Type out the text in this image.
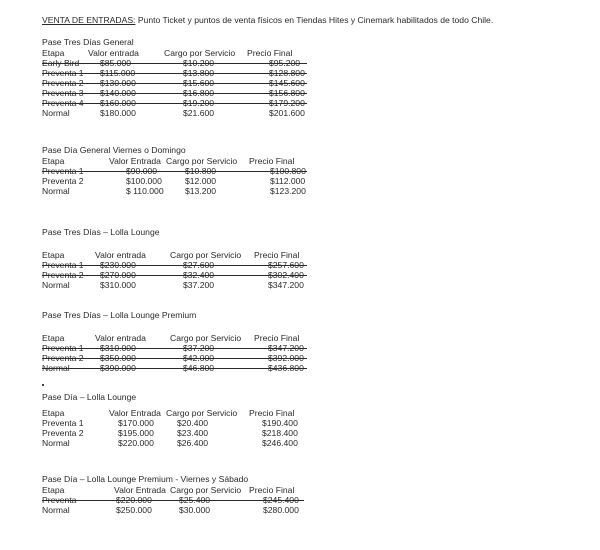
VENTA DE ENTRADAS: Punto Ticket y puntos de venta físicos en Tiendas Hites y Cinemark habilitados de todo Chile.
Pase Tres Días General
Etapa	Valor entrada	Cargo por Servicio Precio Final
Early Bird $85.000	$10.200	$95.200
Preventa 1 $115.000	$13.800	$128.800
Preventa 2 $130.000	$15.600	$145.600
Preventa 3 $140.000	$16.800	$156.800
Preventa 4 $160.000	$19.200	$179.200
Normal	$180.000	$21.600	$201.600
Pase Día General Viernes o Domingo
Etapa	Valor Entrada Cargo por Servicio Precio Final
Preventa 1	$90.000	$10.800	$100.800
Preventa 2	$100.000	$12.000	$112.000
Normal	$ 110.000 $13.200	$123.200
Pase Tres Días – Lolla Lounge
Etapa	Valor entrada	Cargo por Servicio Precio Final
Preventa 1 $230.000	$27.600	$257.600
Preventa 2 $270.000	$32.400	$302.400
Normal	$310.000	$37.200	$347.200
Pase Tres Días – Lolla Lounge Premium
Etapa	Valor entrada	Cargo por Servicio Precio Final
Preventa 1 $310.000	$37.200	$347.200
Preventa 2 $350.000	$42.000	$392.000
Normal	$390.000	$46.800	$436.800
Pase Día – Lolla Lounge
Etapa	Valor Entrada Cargo por Servicio Precio Final
Preventa 1	$170.000	$20.400	$190.400
Preventa 2	$195.000	$23.400	$218.400
Normal	$220.000	$26.400	$246.400
Pase Día – Lolla Lounge Premium - Viernes y Sábado
Etapa	Valor Entrada Cargo por Servicio Precio Final
Preventa	$220.000	$25.400	$245.400
Normal	$250.000	$30.000	$280.000
